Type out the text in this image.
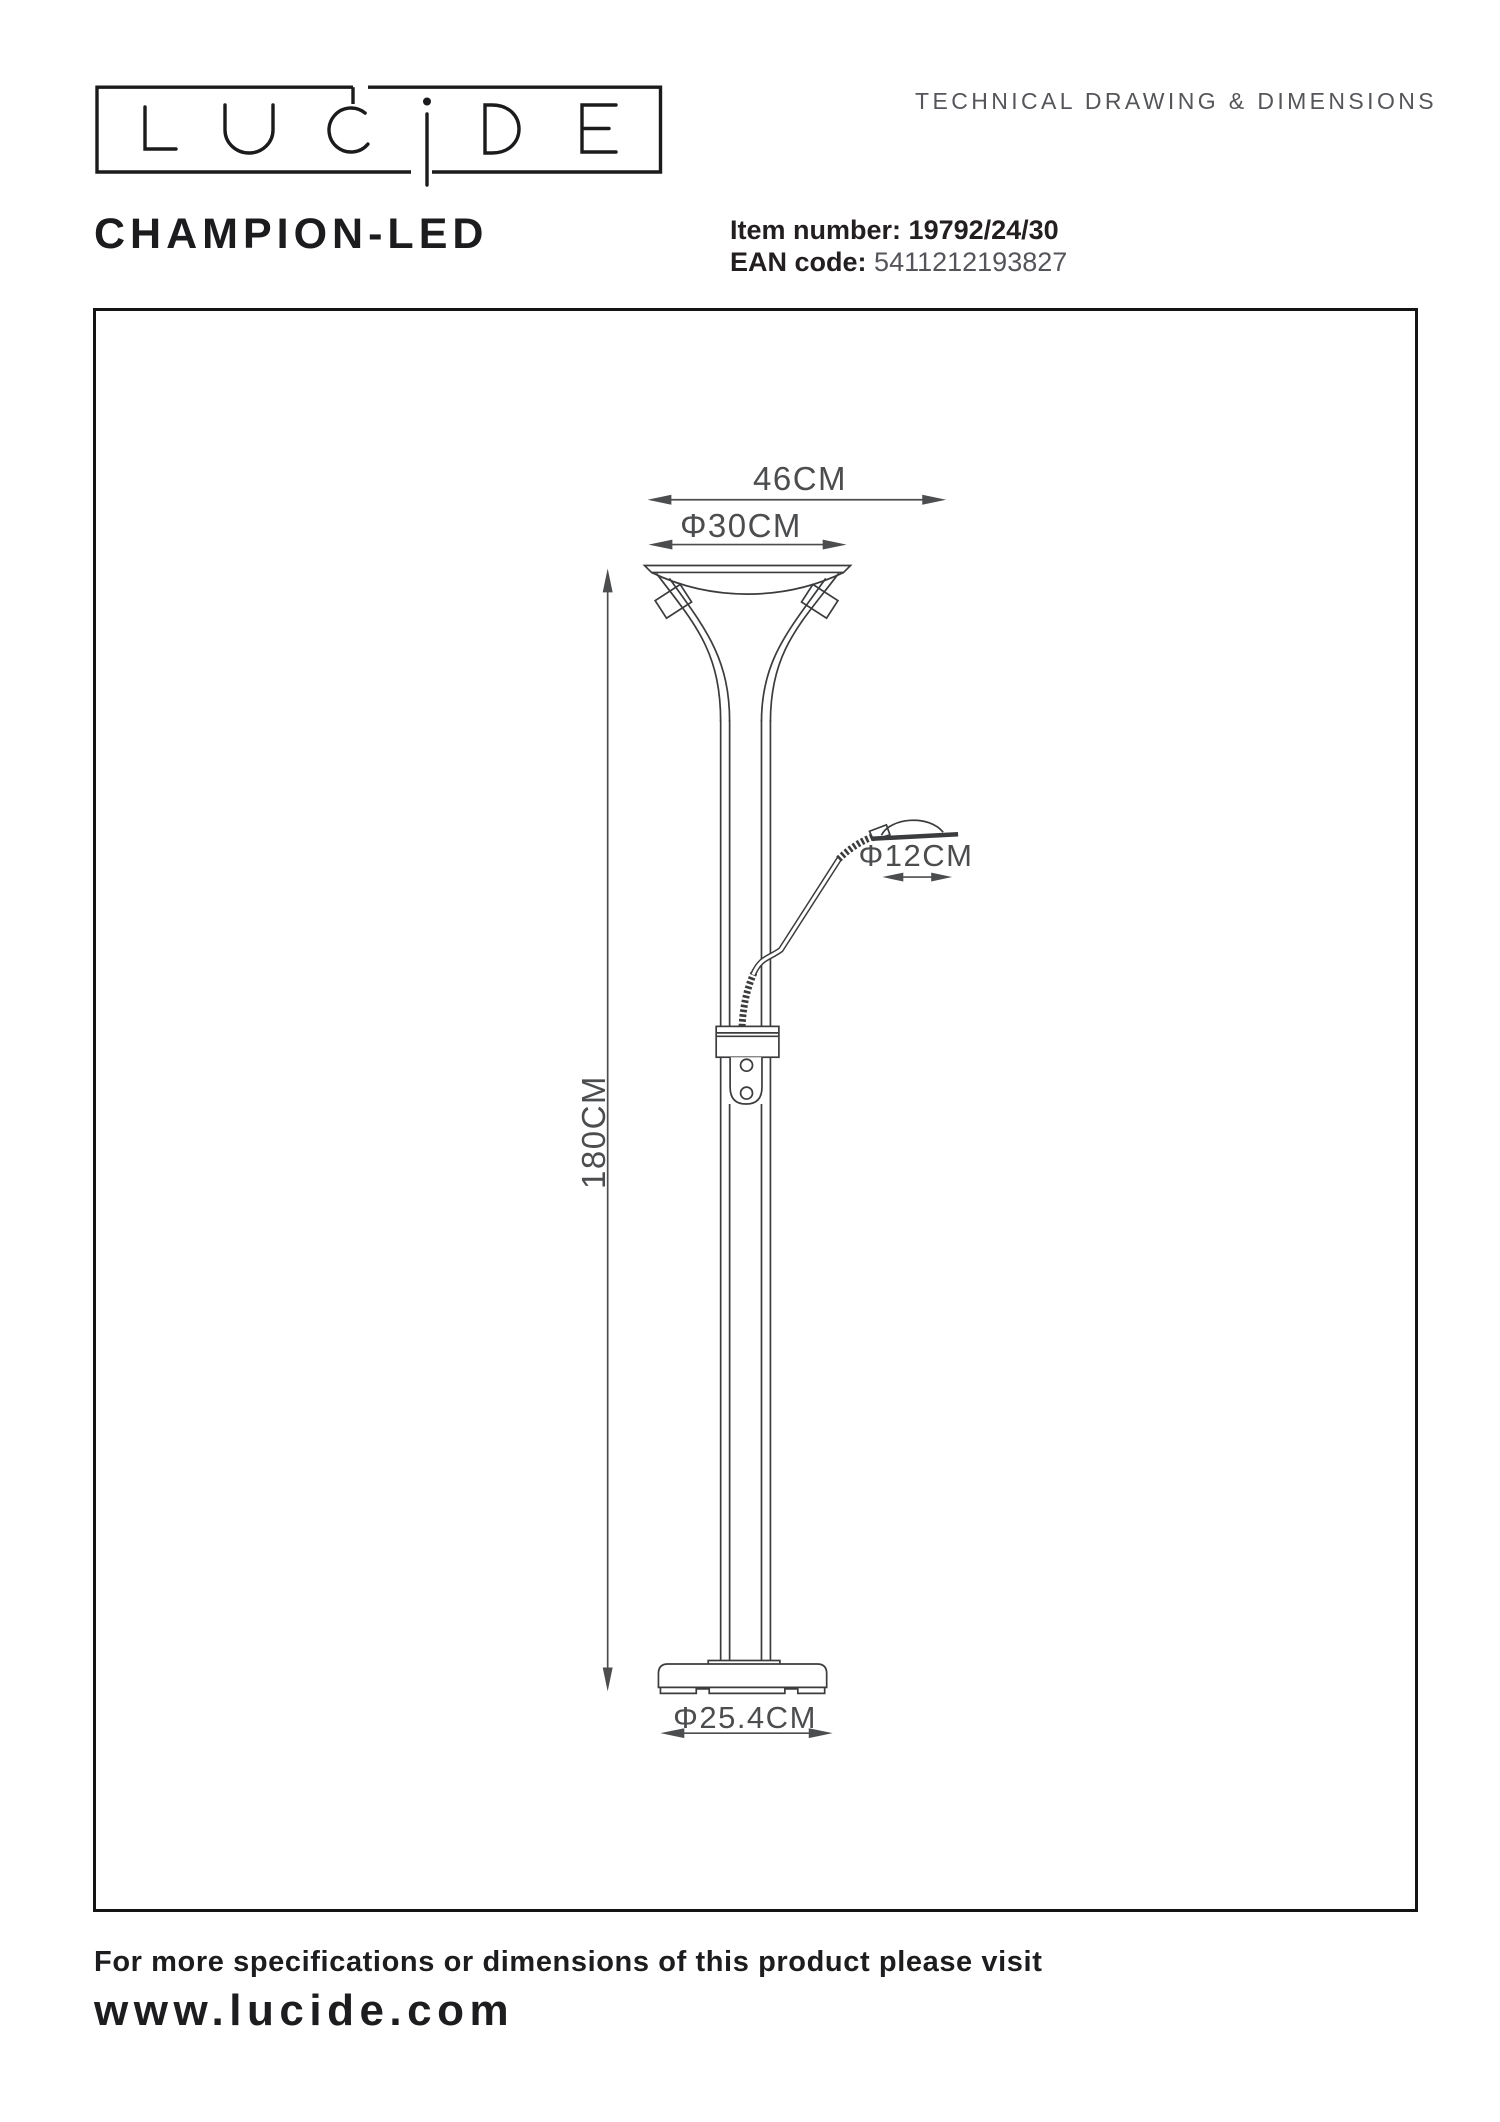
TECHNICAL DRAWING & DIMENSIONS
CHAMPION-LED	Item number: 19792/24/30
EAN code: 5411212193827
46CM
Φ30CM
Φ12CM
180CM
Φ25.4CM
For more specifications or dimensions of this product please visit
www.lucide.com
